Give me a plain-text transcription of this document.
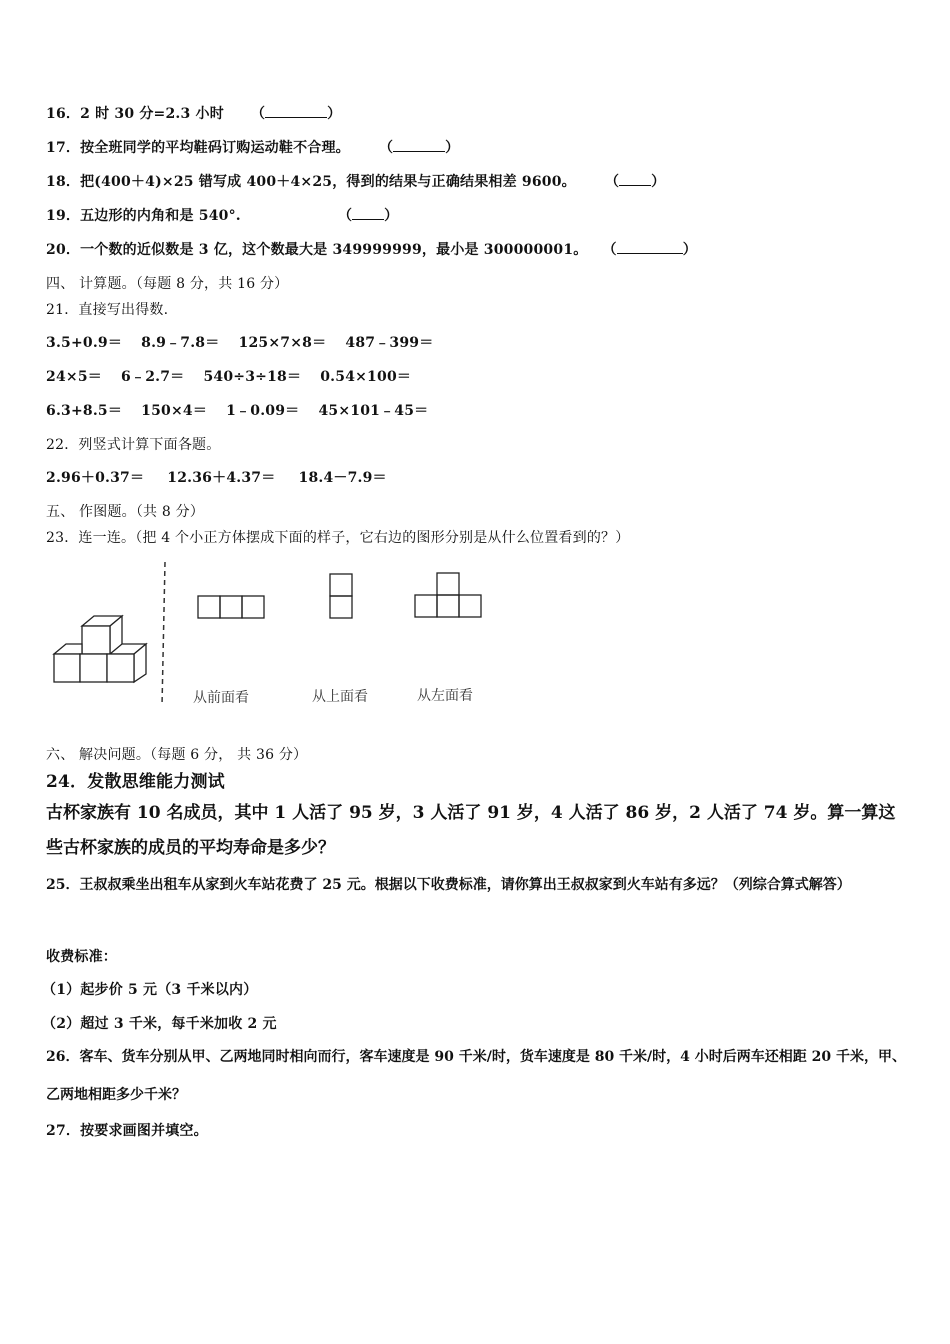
16．2 时 30 分=2.3 小时 （	）
17．按全班同学的平均鞋码订购运动鞋不合理。 （	）
18．把(400＋4)×25 错写成 400＋4×25，得到的结果与正确结果相差 9600。 （ ）
19．五边形的内角和是 540°.	（ ）
20．一个数的近似数是 3 亿，这个数最大是 349999999，最小是 300000001。 （	）
四、 计算题。（每题 8 分，共 16 分）
21．直接写出得数.
3.5+0.9＝ 8.9﹣7.8＝ 125×7×8＝ 487﹣399＝
24×5＝ 6﹣2.7＝ 540÷3÷18＝ 0.54×100＝
6.3+8.5＝ 150×4＝ 1﹣0.09＝ 45×101﹣45＝
22．列竖式计算下面各题。
2.96＋0.37＝ 12.36＋4.37＝ 18.4－7.9＝
五、 作图题。（共 8 分）
23．连一连。（把 4 个小正方体摆成下面的样子，它右边的图形分别是从什么位置看到的？）
从前面看	从上面看	从左面看
六、 解决问题。（每题 6 分， 共 36 分）
24．发散思维能力测试
古杯家族有 10 名成员，其中 1 人活了 95 岁，3 人活了 91 岁，4 人活了 86 岁，2 人活了 74 岁。算一算这些古杯家族的成员的平均寿命是多少？
25．王叔叔乘坐出租车从家到火车站花费了 25 元。根据以下收费标准，请你算出王叔叔家到火车站有多远？（列综合算式解答）
收费标准：
（1）起步价 5 元（3 千米以内）
（2）超过 3 千米，每千米加收 2 元
26．客车、货车分别从甲、乙两地同时相向而行，客车速度是 90 千米/时，货车速度是 80 千米/时，4 小时后两车还相距 20 千米，甲、乙两地相距多少千米？
27．按要求画图并填空。
